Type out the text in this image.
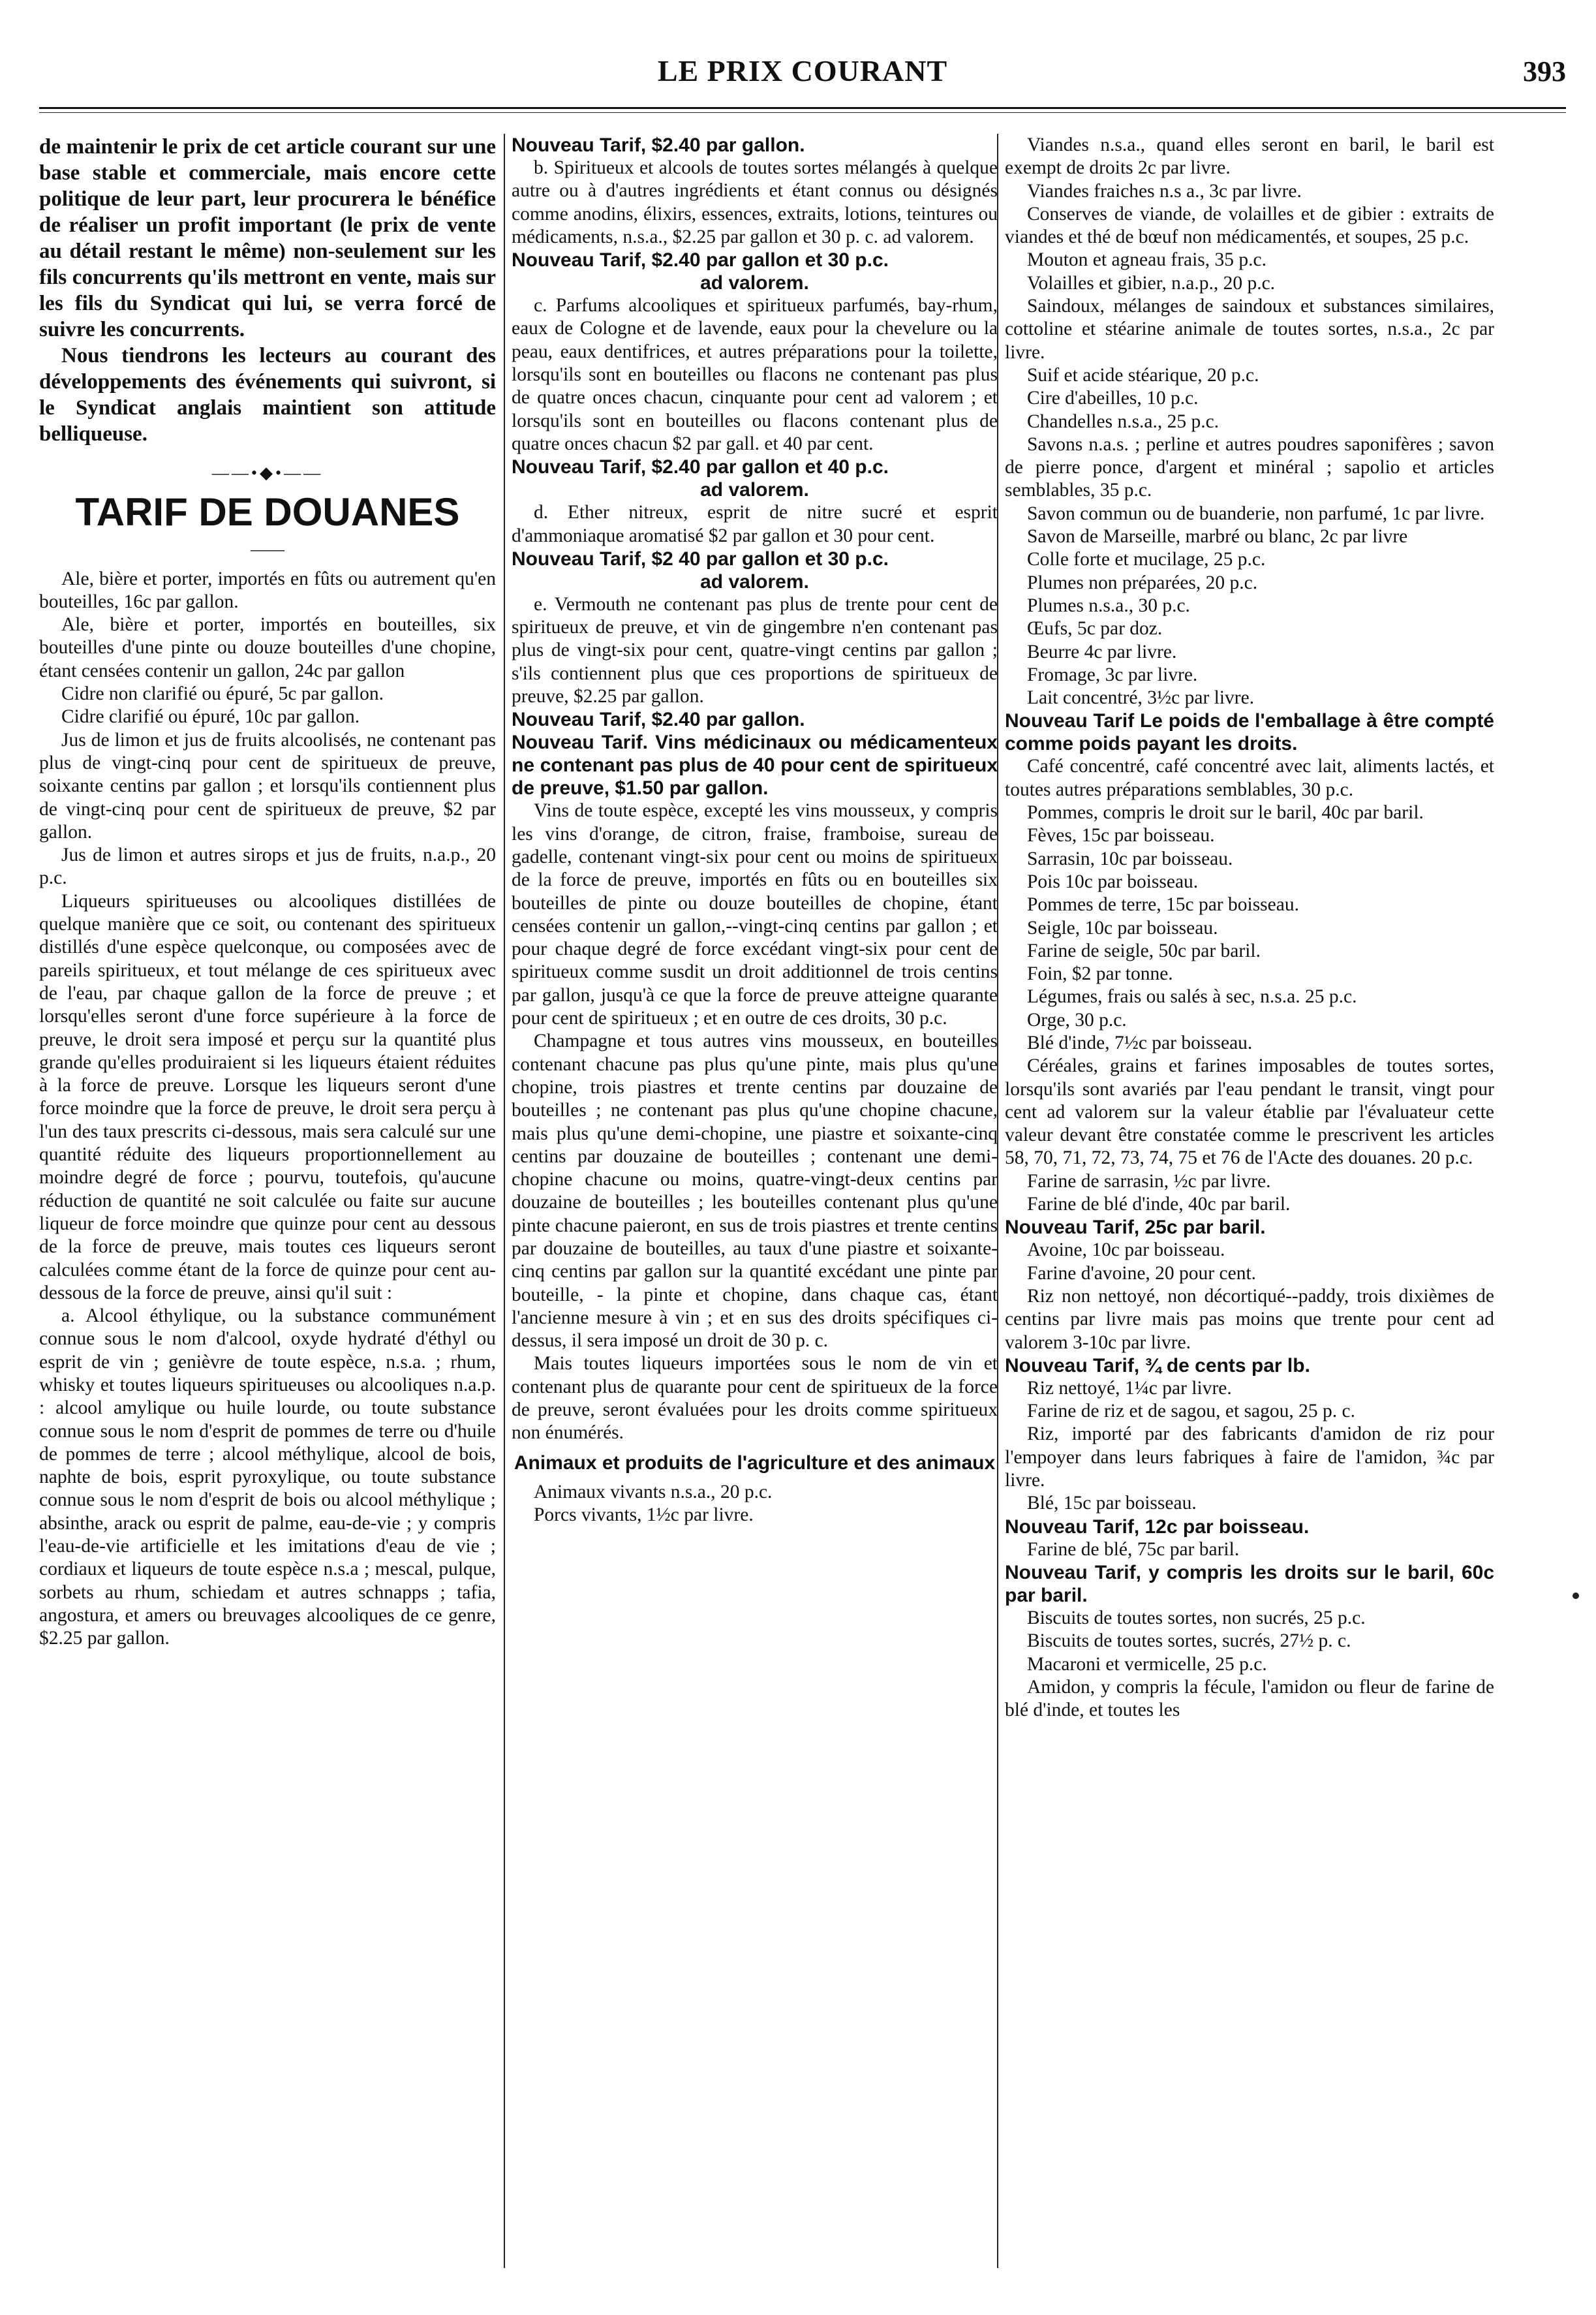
LE PRIX COURANT	393

de maintenir le prix de cet article courant sur une base stable et commerciale, mais encore cette politique de leur part, leur procurera le bénéfice de réaliser un profit important (le prix de vente au détail restant le même) non-seulement sur les fils concurrents qu'ils mettront en vente, mais sur les fils du Syndicat qui lui, se verra forcé de suivre les concurrents.

Nous tiendrons les lecteurs au courant des développements des événements qui suivront, si le Syndicat anglais maintient son attitude belliqueuse.

——•◆•——
TARIF DE DOUANES
——

Ale, bière et porter, importés en fûts ou autrement qu'en bouteilles, 16c par gallon.

Ale, bière et porter, importés en bouteilles, six bouteilles d'une pinte ou douze bouteilles d'une chopine, étant censées contenir un gallon, 24c par gallon

Cidre non clarifié ou épuré, 5c par gallon.

Cidre clarifié ou épuré, 10c par gallon.

Jus de limon et jus de fruits alcoolisés, ne contenant pas plus de vingt-cinq pour cent de spiritueux de preuve, soixante centins par gallon ; et lorsqu'ils contiennent plus de vingt-cinq pour cent de spiritueux de preuve, $2 par gallon.

Jus de limon et autres sirops et jus de fruits, n.a.p., 20 p.c.

Liqueurs spiritueuses ou alcooliques distillées de quelque manière que ce soit, ou contenant des spiritueux distillés d'une espèce quelconque, ou composées avec de pareils spiritueux, et tout mélange de ces spiritueux avec de l'eau, par chaque gallon de la force de preuve ; et lorsqu'elles seront d'une force supérieure à la force de preuve, le droit sera imposé et perçu sur la quantité plus grande qu'elles produiraient si les liqueurs étaient réduites à la force de preuve. Lorsque les liqueurs seront d'une force moindre que la force de preuve, le droit sera perçu à l'un des taux prescrits ci-dessous, mais sera calculé sur une quantité réduite des liqueurs proportionnellement au moindre degré de force ; pourvu, toutefois, qu'aucune réduction de quantité ne soit calculée ou faite sur aucune liqueur de force moindre que quinze pour cent au dessous de la force de preuve, mais toutes ces liqueurs seront calculées comme étant de la force de quinze pour cent au-dessous de la force de preuve, ainsi qu'il suit :

a. Alcool éthylique, ou la substance communément connue sous le nom d'alcool, oxyde hydraté d'éthyl ou esprit de vin ; genièvre de toute espèce, n.s.a. ; rhum, whisky et toutes liqueurs spiritueuses ou alcooliques n.a.p. : alcool amylique ou huile lourde, ou toute substance connue sous le nom d'esprit de pommes de terre ou d'huile de pommes de terre ; alcool méthylique, alcool de bois, naphte de bois, esprit pyroxylique, ou toute substance connue sous le nom d'esprit de bois ou alcool méthylique ; absinthe, arack ou esprit de palme, eau-de-vie ; y compris l'eau-de-vie artificielle et les imitations d'eau de vie ; cordiaux et liqueurs de toute espèce n.s.a ; mescal, pulque, sorbets au rhum, schiedam et autres schnapps ; tafia, angostura, et amers ou breuvages alcooliques de ce genre, $2.25 par gallon.

Nouveau Tarif, $2.40 par gallon.

b. Spiritueux et alcools de toutes sortes mélangés à quelque autre ou à d'autres ingrédients et étant connus ou désignés comme anodins, élixirs, essences, extraits, lotions, teintures ou médicaments, n.s.a., $2.25 par gallon et 30 p. c. ad valorem.

Nouveau Tarif, $2.40 par gallon et 30 p.c.
ad valorem.

c. Parfums alcooliques et spiritueux parfumés, bay-rhum, eaux de Cologne et de lavende, eaux pour la chevelure ou la peau, eaux dentifrices, et autres préparations pour la toilette, lorsqu'ils sont en bouteilles ou flacons ne contenant pas plus de quatre onces chacun, cinquante pour cent ad valorem ; et lorsqu'ils sont en bouteilles ou flacons contenant plus de quatre onces chacun $2 par gall. et 40 par cent.

Nouveau Tarif, $2.40 par gallon et 40 p.c.
ad valorem.

d. Ether nitreux, esprit de nitre sucré et esprit d'ammoniaque aromatisé $2 par gallon et 30 pour cent.

Nouveau Tarif, $2 40 par gallon et 30 p.c.
ad valorem.

e. Vermouth ne contenant pas plus de trente pour cent de spiritueux de preuve, et vin de gingembre n'en contenant pas plus de vingt-six pour cent, quatre-vingt centins par gallon ; s'ils contiennent plus que ces proportions de spiritueux de preuve, $2.25 par gallon.

Nouveau Tarif, $2.40 par gallon.

Nouveau Tarif. Vins médicinaux ou médicamenteux ne contenant pas plus de 40 pour cent de spiritueux de preuve, $1.50 par gallon.

Vins de toute espèce, excepté les vins mousseux, y compris les vins d'orange, de citron, fraise, framboise, sureau de gadelle, contenant vingt-six pour cent ou moins de spiritueux de la force de preuve, importés en fûts ou en bouteilles six bouteilles de pinte ou douze bouteilles de chopine, étant censées contenir un gallon,--vingt-cinq centins par gallon ; et pour chaque degré de force excédant vingt-six pour cent de spiritueux comme susdit un droit additionnel de trois centins par gallon, jusqu'à ce que la force de preuve atteigne quarante pour cent de spiritueux ; et en outre de ces droits, 30 p.c.

Champagne et tous autres vins mousseux, en bouteilles contenant chacune pas plus qu'une pinte, mais plus qu'une chopine, trois piastres et trente centins par douzaine de bouteilles ; ne contenant pas plus qu'une chopine chacune, mais plus qu'une demi-chopine, une piastre et soixante-cinq centins par douzaine de bouteilles ; contenant une demi-chopine chacune ou moins, quatre-vingt-deux centins par douzaine de bouteilles ; les bouteilles contenant plus qu'une pinte chacune paieront, en sus de trois piastres et trente centins par douzaine de bouteilles, au taux d'une piastre et soixante-cinq centins par gallon sur la quantité excédant une pinte par bouteille, - la pinte et chopine, dans chaque cas, étant l'ancienne mesure à vin ; et en sus des droits spécifiques ci-dessus, il sera imposé un droit de 30 p. c.

Mais toutes liqueurs importées sous le nom de vin et contenant plus de quarante pour cent de spiritueux de la force de preuve, seront évaluées pour les droits comme spiritueux non énumérés.

Animaux et produits de l'agriculture et des animaux

Animaux vivants n.s.a., 20 p.c.

Porcs vivants, 1½c par livre.

Viandes n.s.a., quand elles seront en baril, le baril est exempt de droits 2c par livre.

Viandes fraiches n.s a., 3c par livre.

Conserves de viande, de volailles et de gibier : extraits de viandes et thé de bœuf non médicamentés, et soupes, 25 p.c.

Mouton et agneau frais, 35 p.c.

Volailles et gibier, n.a.p., 20 p.c.

Saindoux, mélanges de saindoux et substances similaires, cottoline et stéarine animale de toutes sortes, n.s.a., 2c par livre.

Suif et acide stéarique, 20 p.c.

Cire d'abeilles, 10 p.c.

Chandelles n.s.a., 25 p.c.

Savons n.a.s. ; perline et autres poudres saponifères ; savon de pierre ponce, d'argent et minéral ; sapolio et articles semblables, 35 p.c.

Savon commun ou de buanderie, non parfumé, 1c par livre.

Savon de Marseille, marbré ou blanc, 2c par livre

Colle forte et mucilage, 25 p.c.

Plumes non préparées, 20 p.c.

Plumes n.s.a., 30 p.c.

Œufs, 5c par doz.

Beurre 4c par livre.

Fromage, 3c par livre.

Lait concentré, 3½c par livre.

Nouveau Tarif Le poids de l'emballage à être compté comme poids payant les droits.

Café concentré, café concentré avec lait, aliments lactés, et toutes autres préparations semblables, 30 p.c.

Pommes, compris le droit sur le baril, 40c par baril.

Fèves, 15c par boisseau.

Sarrasin, 10c par boisseau.

Pois 10c par boisseau.

Pommes de terre, 15c par boisseau.

Seigle, 10c par boisseau.

Farine de seigle, 50c par baril.

Foin, $2 par tonne.

Légumes, frais ou salés à sec, n.s.a. 25 p.c.

Orge, 30 p.c.

Blé d'inde, 7½c par boisseau.

Céréales, grains et farines imposables de toutes sortes, lorsqu'ils sont avariés par l'eau pendant le transit, vingt pour cent ad valorem sur la valeur établie par l'évaluateur cette valeur devant être constatée comme le prescrivent les articles 58, 70, 71, 72, 73, 74, 75 et 76 de l'Acte des douanes. 20 p.c.

Farine de sarrasin, ½c par livre.

Farine de blé d'inde, 40c par baril.

Nouveau Tarif, 25c par baril.

Avoine, 10c par boisseau.

Farine d'avoine, 20 pour cent.

Riz non nettoyé, non décortiqué--paddy, trois dixièmes de centins par livre mais pas moins que trente pour cent ad valorem 3-10c par livre.

Nouveau Tarif, ¾ de cents par lb.

Riz nettoyé, 1¼c par livre.

Farine de riz et de sagou, et sagou, 25 p. c.

Riz, importé par des fabricants d'amidon de riz pour l'empoyer dans leurs fabriques à faire de l'amidon, ¾c par livre.

Blé, 15c par boisseau.

Nouveau Tarif, 12c par boisseau.

Farine de blé, 75c par baril.

Nouveau Tarif, y compris les droits sur le baril, 60c par baril.

Biscuits de toutes sortes, non sucrés, 25 p.c.

Biscuits de toutes sortes, sucrés, 27½ p. c.

Macaroni et vermicelle, 25 p.c.

Amidon, y compris la fécule, l'amidon ou fleur de farine de blé d'inde, et toutes les
